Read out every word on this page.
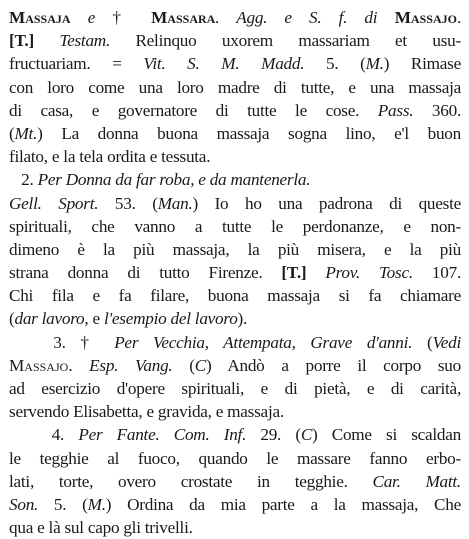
Massaja e † Massara. Agg. e S. f. di Massajo.
[T.] Testam. Relinquo uxorem massariam et usu-
fructuariam. = Vit. S. M. Madd. 5. (M.) Rimase
con loro come una loro madre di tutte, e una massaja
di casa, e governatore di tutte le cose. Pass. 360.
(Mt.) La donna buona massaja sogna lino, e'l buon
filato, e la tela ordita e tessuta.
2. Per Donna da far roba, e da mantenerla.
Gell. Sport. 53. (Man.) Io ho una padrona di queste
spirituali, che vanno a tutte le perdonanze, e non-
dimeno è la più massaja, la più misera, e la più
strana donna di tutto Firenze. [T.] Prov. Tosc. 107.
Chi fila e fa filare, buona massaja si fa chiamare
(dar lavoro, e l'esempio del lavoro).
3. † Per Vecchia, Attempata, Grave d'anni. (Vedi
Massajo. Esp. Vang. (C) Andò a porre il corpo suo
ad esercizio d'opere spirituali, e di pietà, e di carità,
servendo Elisabetta, e gravida, e massaja.
4. Per Fante. Com. Inf. 29. (C) Come si scaldan
le tegghie al fuoco, quando le massare fanno erbo-
lati, torte, overo crostate in tegghie. Car. Matt.
Son. 5. (M.) Ordina da mia parte a la massaja, Che
qua e là sul capo gli trivelli.
